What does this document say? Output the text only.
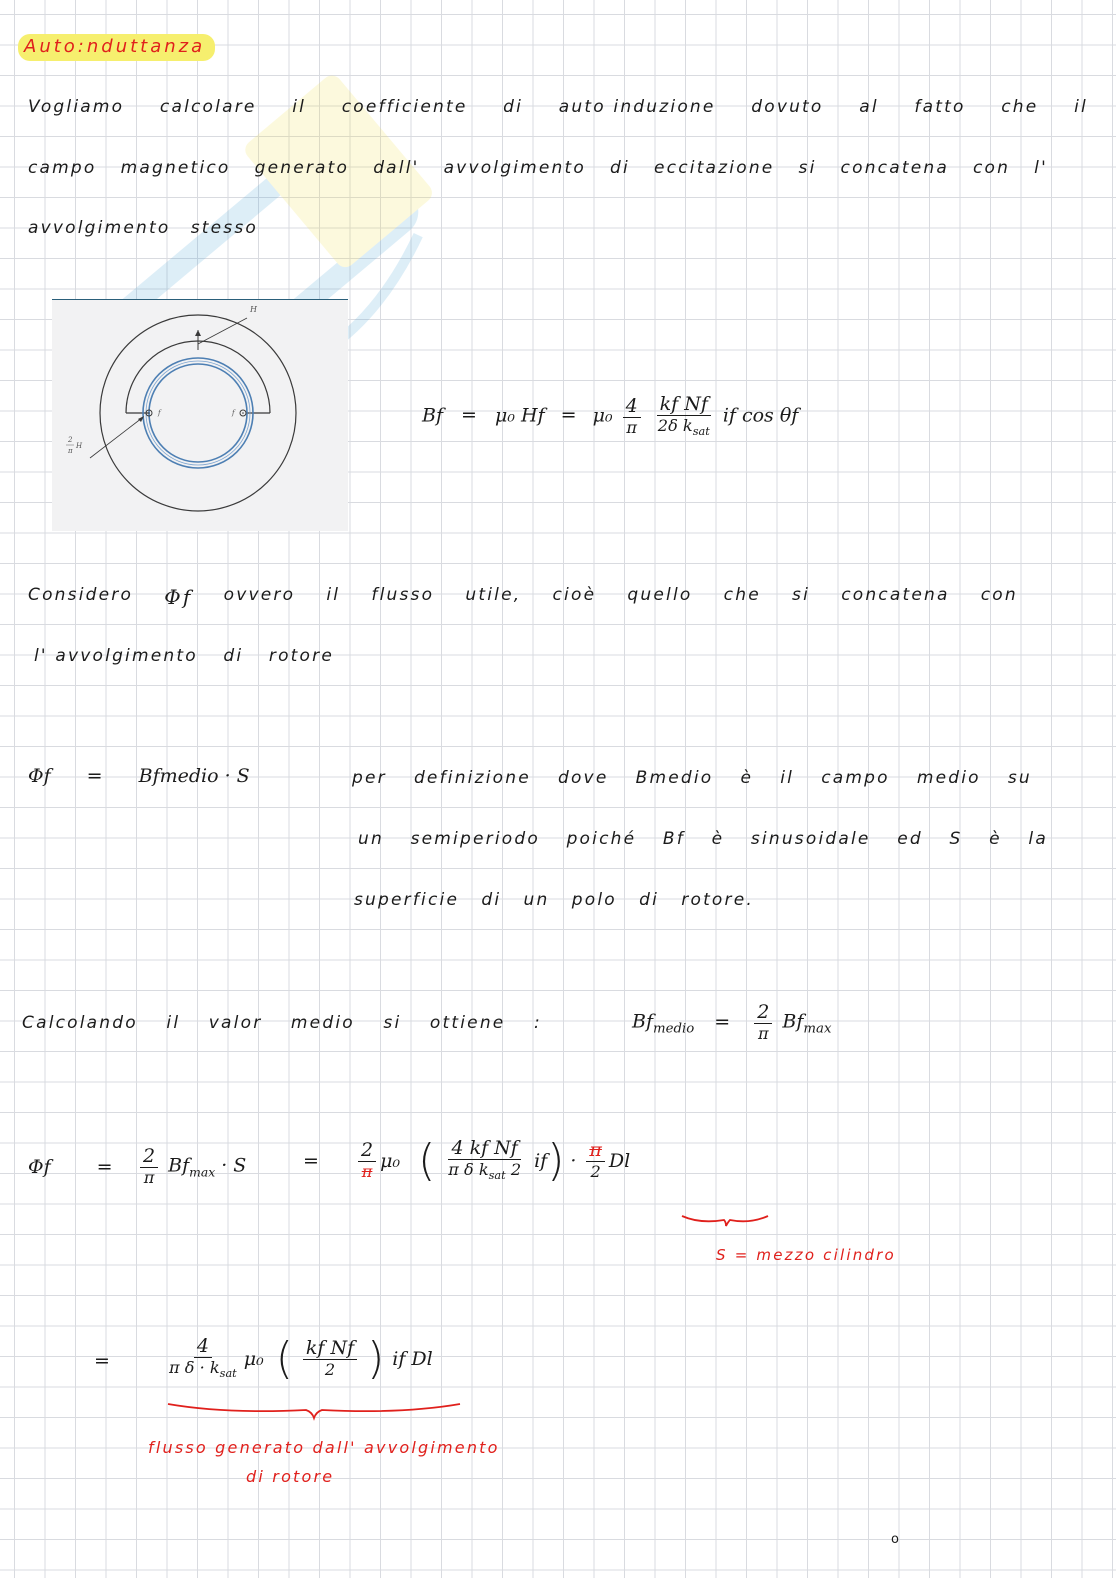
Auto:nduttanza
Vogliamo calcolare il coefficiente di auto induzione dovuto al fatto che il
campo magnetico generato dall' avvolgimento di eccitazione si concatena con l'
avvolgimento stesso
H
2
π
H
f	f	Bf = μ₀ $Hf = \mu_0 \frac{4}{\pi}$
$\frac{\text{kf Nf}}{2\delta k_{sat}}$ if cos θf
Considero Φf ovvero il flusso utile, cioè quello che si concatena con
l' avvolgimento di rotore
Φf = Bfmedio · S	per definizione dove Bmedio è il campo medio su
un semiperiodo poiché Bf è sinusoidale ed S è la
superficie di un polo di rotore.
Calcolando il valor medio si ottiene :	$Bf_{medio} = \frac{2}{\pi} Bf_{max}$
$\Phi f = \frac{2}{\pi} Bf_{max} \cdot S$	= $\frac{2}{\pi} \mu_0$ ( $\frac{\text{4 kf Nf}}{\pi \delta k_{sat} 2}$ if ) · $\frac{\pi}{2}$ Dl
S = mezzo cilindro
=	$\frac{4}{\pi \delta \cdot k_{sat}} \mu_0$ ( $\frac{\text{kf Nf}}{2}$ ) if Dl
flusso generato dall' avvolgimento
di rotore
o
